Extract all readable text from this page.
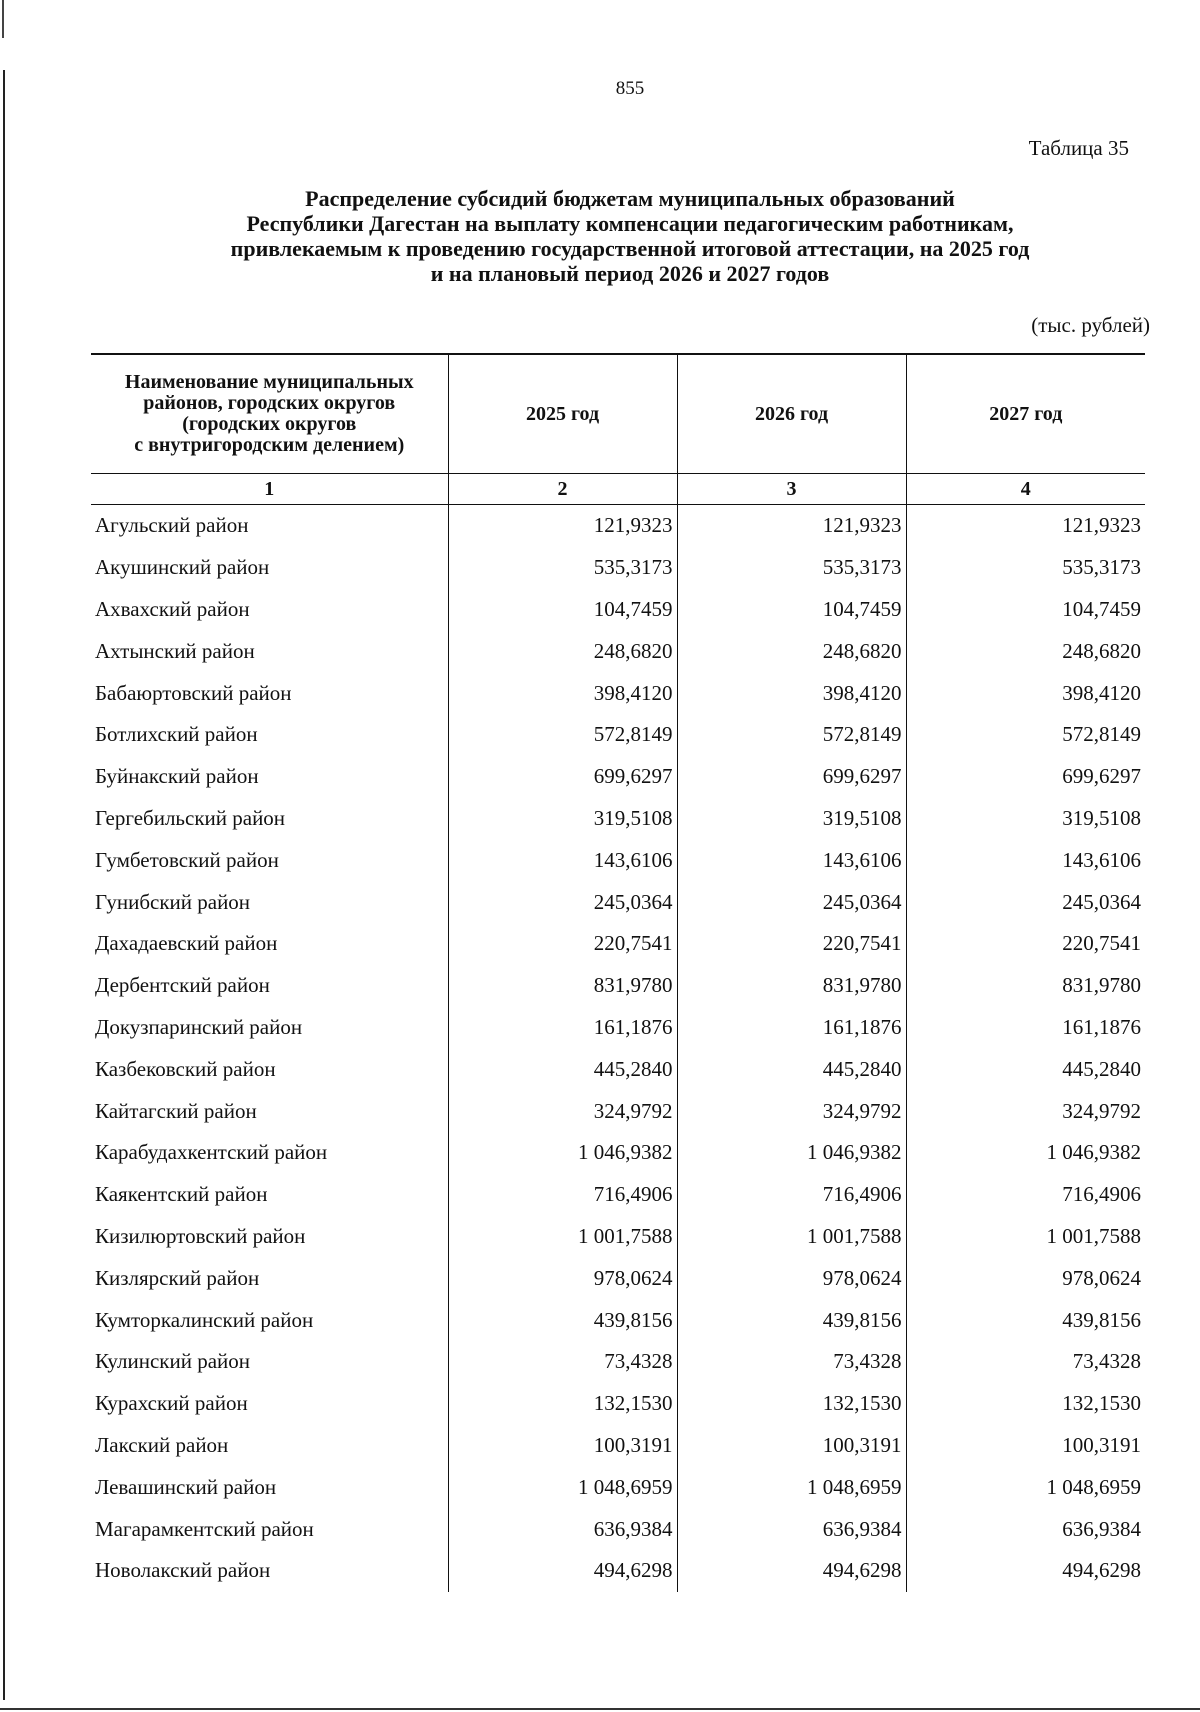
855
Таблица 35
Распределение субсидий бюджетам муниципальных образований
Республики Дагестан на выплату компенсации педагогическим работникам,
привлекаемым к проведению государственной итоговой аттестации, на 2025 год
и на плановый период 2026 и 2027 годов
(тыс. рублей)
Наименование муниципальных
районов, городских округов
(городских округов
с внутригородским делением)	2025 год	2026 год	2027 год
1	2	3	4
Агульский район	121,9323	121,9323	121,9323
Акушинский район	535,3173	535,3173	535,3173
Ахвахский район	104,7459	104,7459	104,7459
Ахтынский район	248,6820	248,6820	248,6820
Бабаюртовский район	398,4120	398,4120	398,4120
Ботлихский район	572,8149	572,8149	572,8149
Буйнакский район	699,6297	699,6297	699,6297
Гергебильский район	319,5108	319,5108	319,5108
Гумбетовский район	143,6106	143,6106	143,6106
Гунибский район	245,0364	245,0364	245,0364
Дахадаевский район	220,7541	220,7541	220,7541
Дербентский район	831,9780	831,9780	831,9780
Докузпаринский район	161,1876	161,1876	161,1876
Казбековский район	445,2840	445,2840	445,2840
Кайтагский район	324,9792	324,9792	324,9792
Карабудахкентский район	1 046,9382	1 046,9382	1 046,9382
Каякентский район	716,4906	716,4906	716,4906
Кизилюртовский район	1 001,7588	1 001,7588	1 001,7588
Кизлярский район	978,0624	978,0624	978,0624
Кумторкалинский район	439,8156	439,8156	439,8156
Кулинский район	73,4328	73,4328	73,4328
Курахский район	132,1530	132,1530	132,1530
Лакский район	100,3191	100,3191	100,3191
Левашинский район	1 048,6959	1 048,6959	1 048,6959
Магарамкентский район	636,9384	636,9384	636,9384
Новолакский район	494,6298	494,6298	494,6298
